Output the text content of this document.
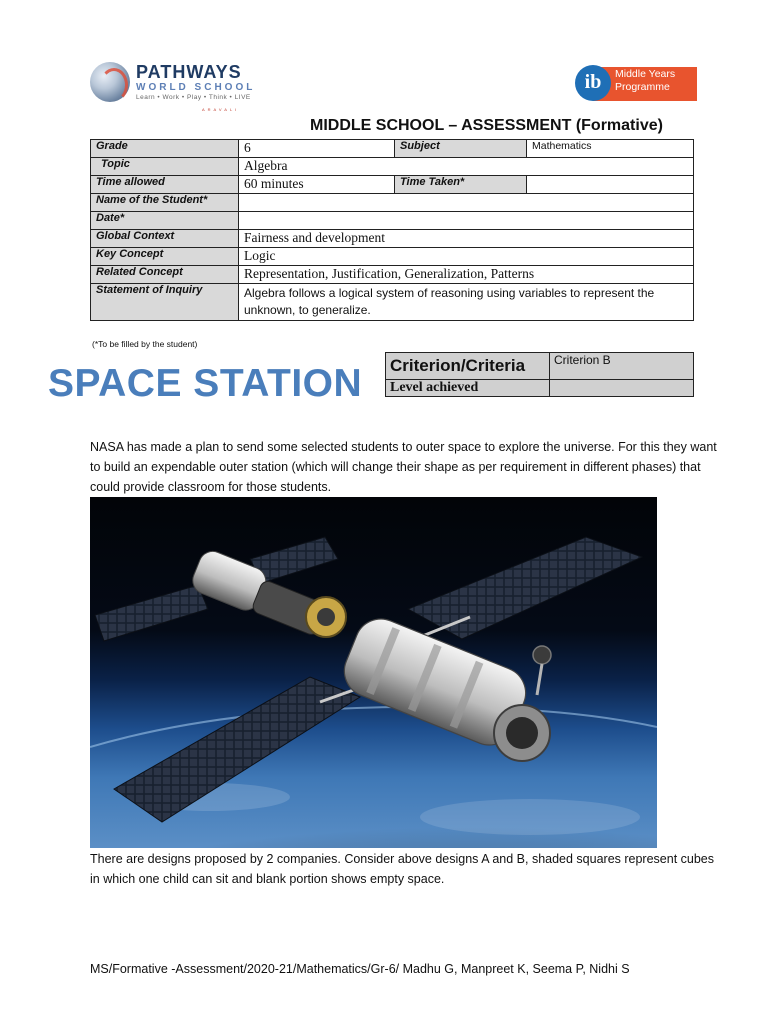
PATHWAYS
WORLD SCHOOL
Learn • Work • Play • Think • LIVE
ARAVALI
ib	Middle Years
Programme
MIDDLE SCHOOL – ASSESSMENT (Formative)
Grade	6	Subject	Mathematics
Topic	Algebra		
Time allowed	60 minutes	Time Taken*	
Name of the Student*			
Date*			
Global Context	Fairness and development		
Key Concept	Logic		
Related Concept	Representation, Justification, Generalization, Patterns		
Statement of Inquiry	Algebra follows a logical system of reasoning using variables to represent the unknown, to generalize.		
(*To be filled by the student)
SPACE STATION Criterion/Criteria	Criterion B
Level achieved	
NASA has made a plan to send some selected students to outer space to explore the universe. For this they want to build an expendable outer station (which will change their shape as per requirement in different phases) that could provide classroom for those students.
There are designs proposed by 2 companies. Consider above designs A and B, shaded squares represent cubes in which one child can sit and blank portion shows empty space.
MS/Formative -Assessment/2020-21/Mathematics/Gr-6/ Madhu G, Manpreet K, Seema P, Nidhi S
